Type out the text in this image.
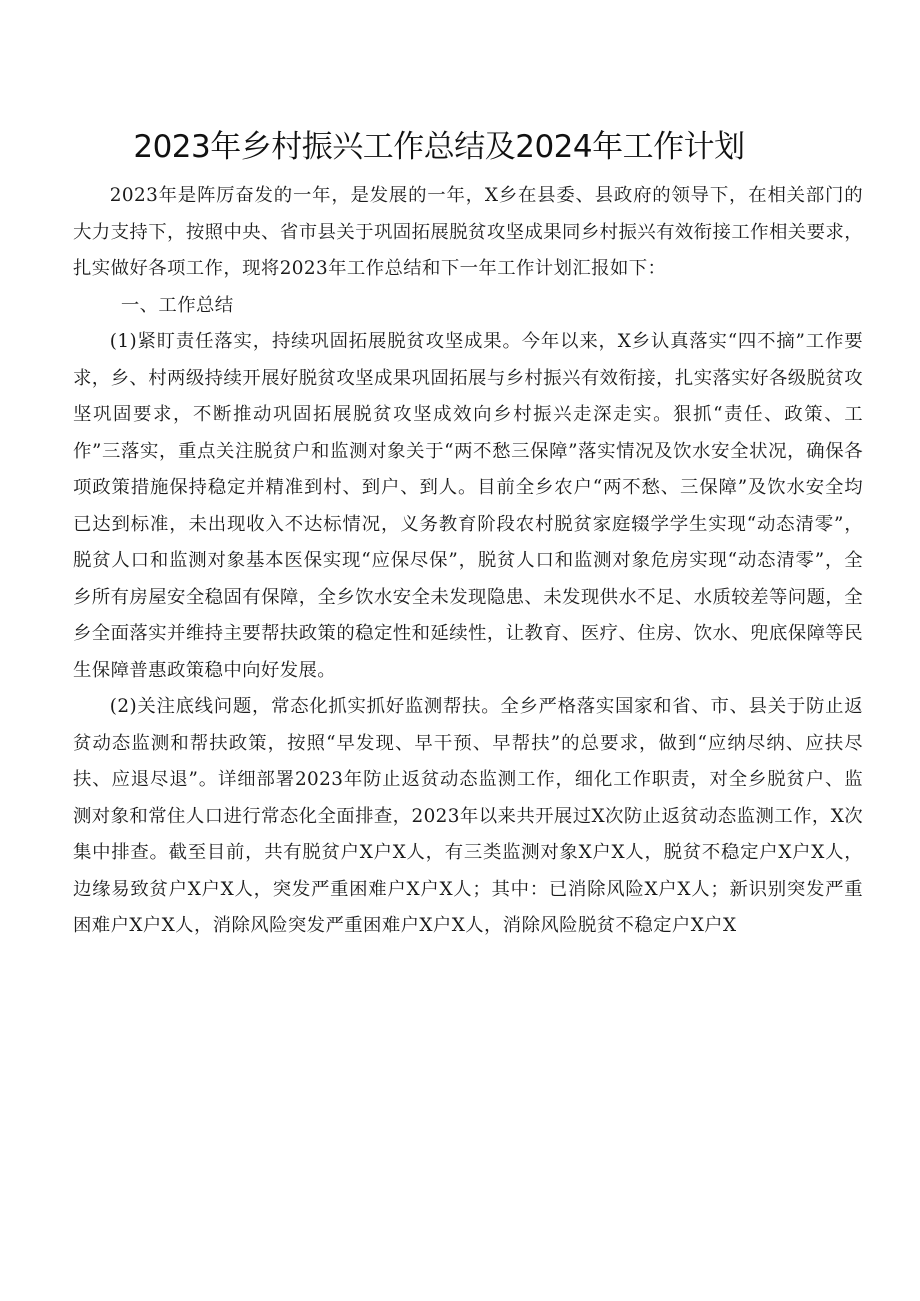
2023年乡村振兴工作总结及2024年工作计划

2023年是阵厉奋发的一年，是发展的一年，X乡在县委、县政府的领导下，在相关部门的大力支持下，按照中央、省市县关于巩固拓展脱贫攻坚成果同乡村振兴有效衔接工作相关要求，扎实做好各项工作，现将2023年工作总结和下一年工作计划汇报如下：

一、工作总结

(1)紧盯责任落实，持续巩固拓展脱贫攻坚成果。今年以来，X乡认真落实“四不摘”工作要求，乡、村两级持续开展好脱贫攻坚成果巩固拓展与乡村振兴有效衔接，扎实落实好各级脱贫攻坚巩固要求，不断推动巩固拓展脱贫攻坚成效向乡村振兴走深走实。狠抓“责任、政策、工作”三落实，重点关注脱贫户和监测对象关于“两不愁三保障”落实情况及饮水安全状况，确保各项政策措施保持稳定并精准到村、到户、到人。目前全乡农户“两不愁、三保障”及饮水安全均已达到标准，未出现收入不达标情况，义务教育阶段农村脱贫家庭辍学学生实现“动态清零”，脱贫人口和监测对象基本医保实现“应保尽保”，脱贫人口和监测对象危房实现“动态清零”，全乡所有房屋安全稳固有保障，全乡饮水安全未发现隐患、未发现供水不足、水质较差等问题，全乡全面落实并维持主要帮扶政策的稳定性和延续性，让教育、医疗、住房、饮水、兜底保障等民生保障普惠政策稳中向好发展。

(2)关注底线问题，常态化抓实抓好监测帮扶。全乡严格落实国家和省、市、县关于防止返贫动态监测和帮扶政策，按照“早发现、早干预、早帮扶”的总要求，做到“应纳尽纳、应扶尽扶、应退尽退”。详细部署2023年防止返贫动态监测工作，细化工作职责，对全乡脱贫户、监测对象和常住人口进行常态化全面排查，2023年以来共开展过X次防止返贫动态监测工作，X次集中排查。截至目前，共有脱贫户X户X人，有三类监测对象X户X人，脱贫不稳定户X户X人，边缘易致贫户X户X人，突发严重困难户X户X人；其中：已消除风险X户X人；新识别突发严重困难户X户X人，消除风险突发严重困难户X户X人，消除风险脱贫不稳定户X户X
